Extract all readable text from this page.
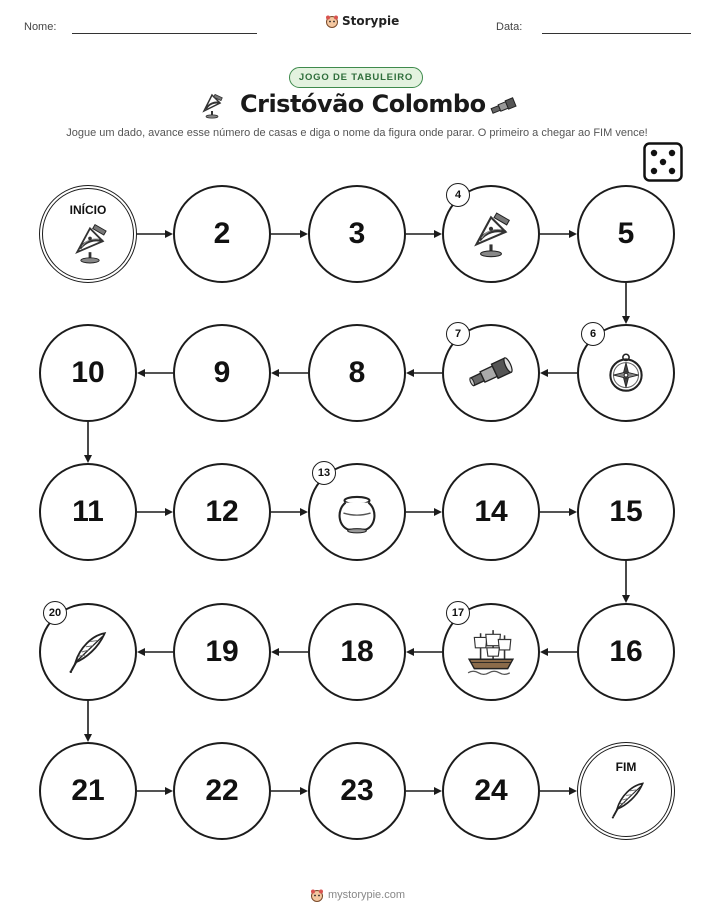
Nome:	Storypie	Data:
JOGO DE TABULEIRO
Cristóvão Colombo
Jogue um dado, avance esse número de casas e diga o nome da figura onde parar. O primeiro a chegar ao FIM vence!
INÍCIO
2	3
4
5
6
7
8
9
10
11	12
13
14	15
16
17
18
19
20
21	22	23	24
FIM
mystorypie.com
